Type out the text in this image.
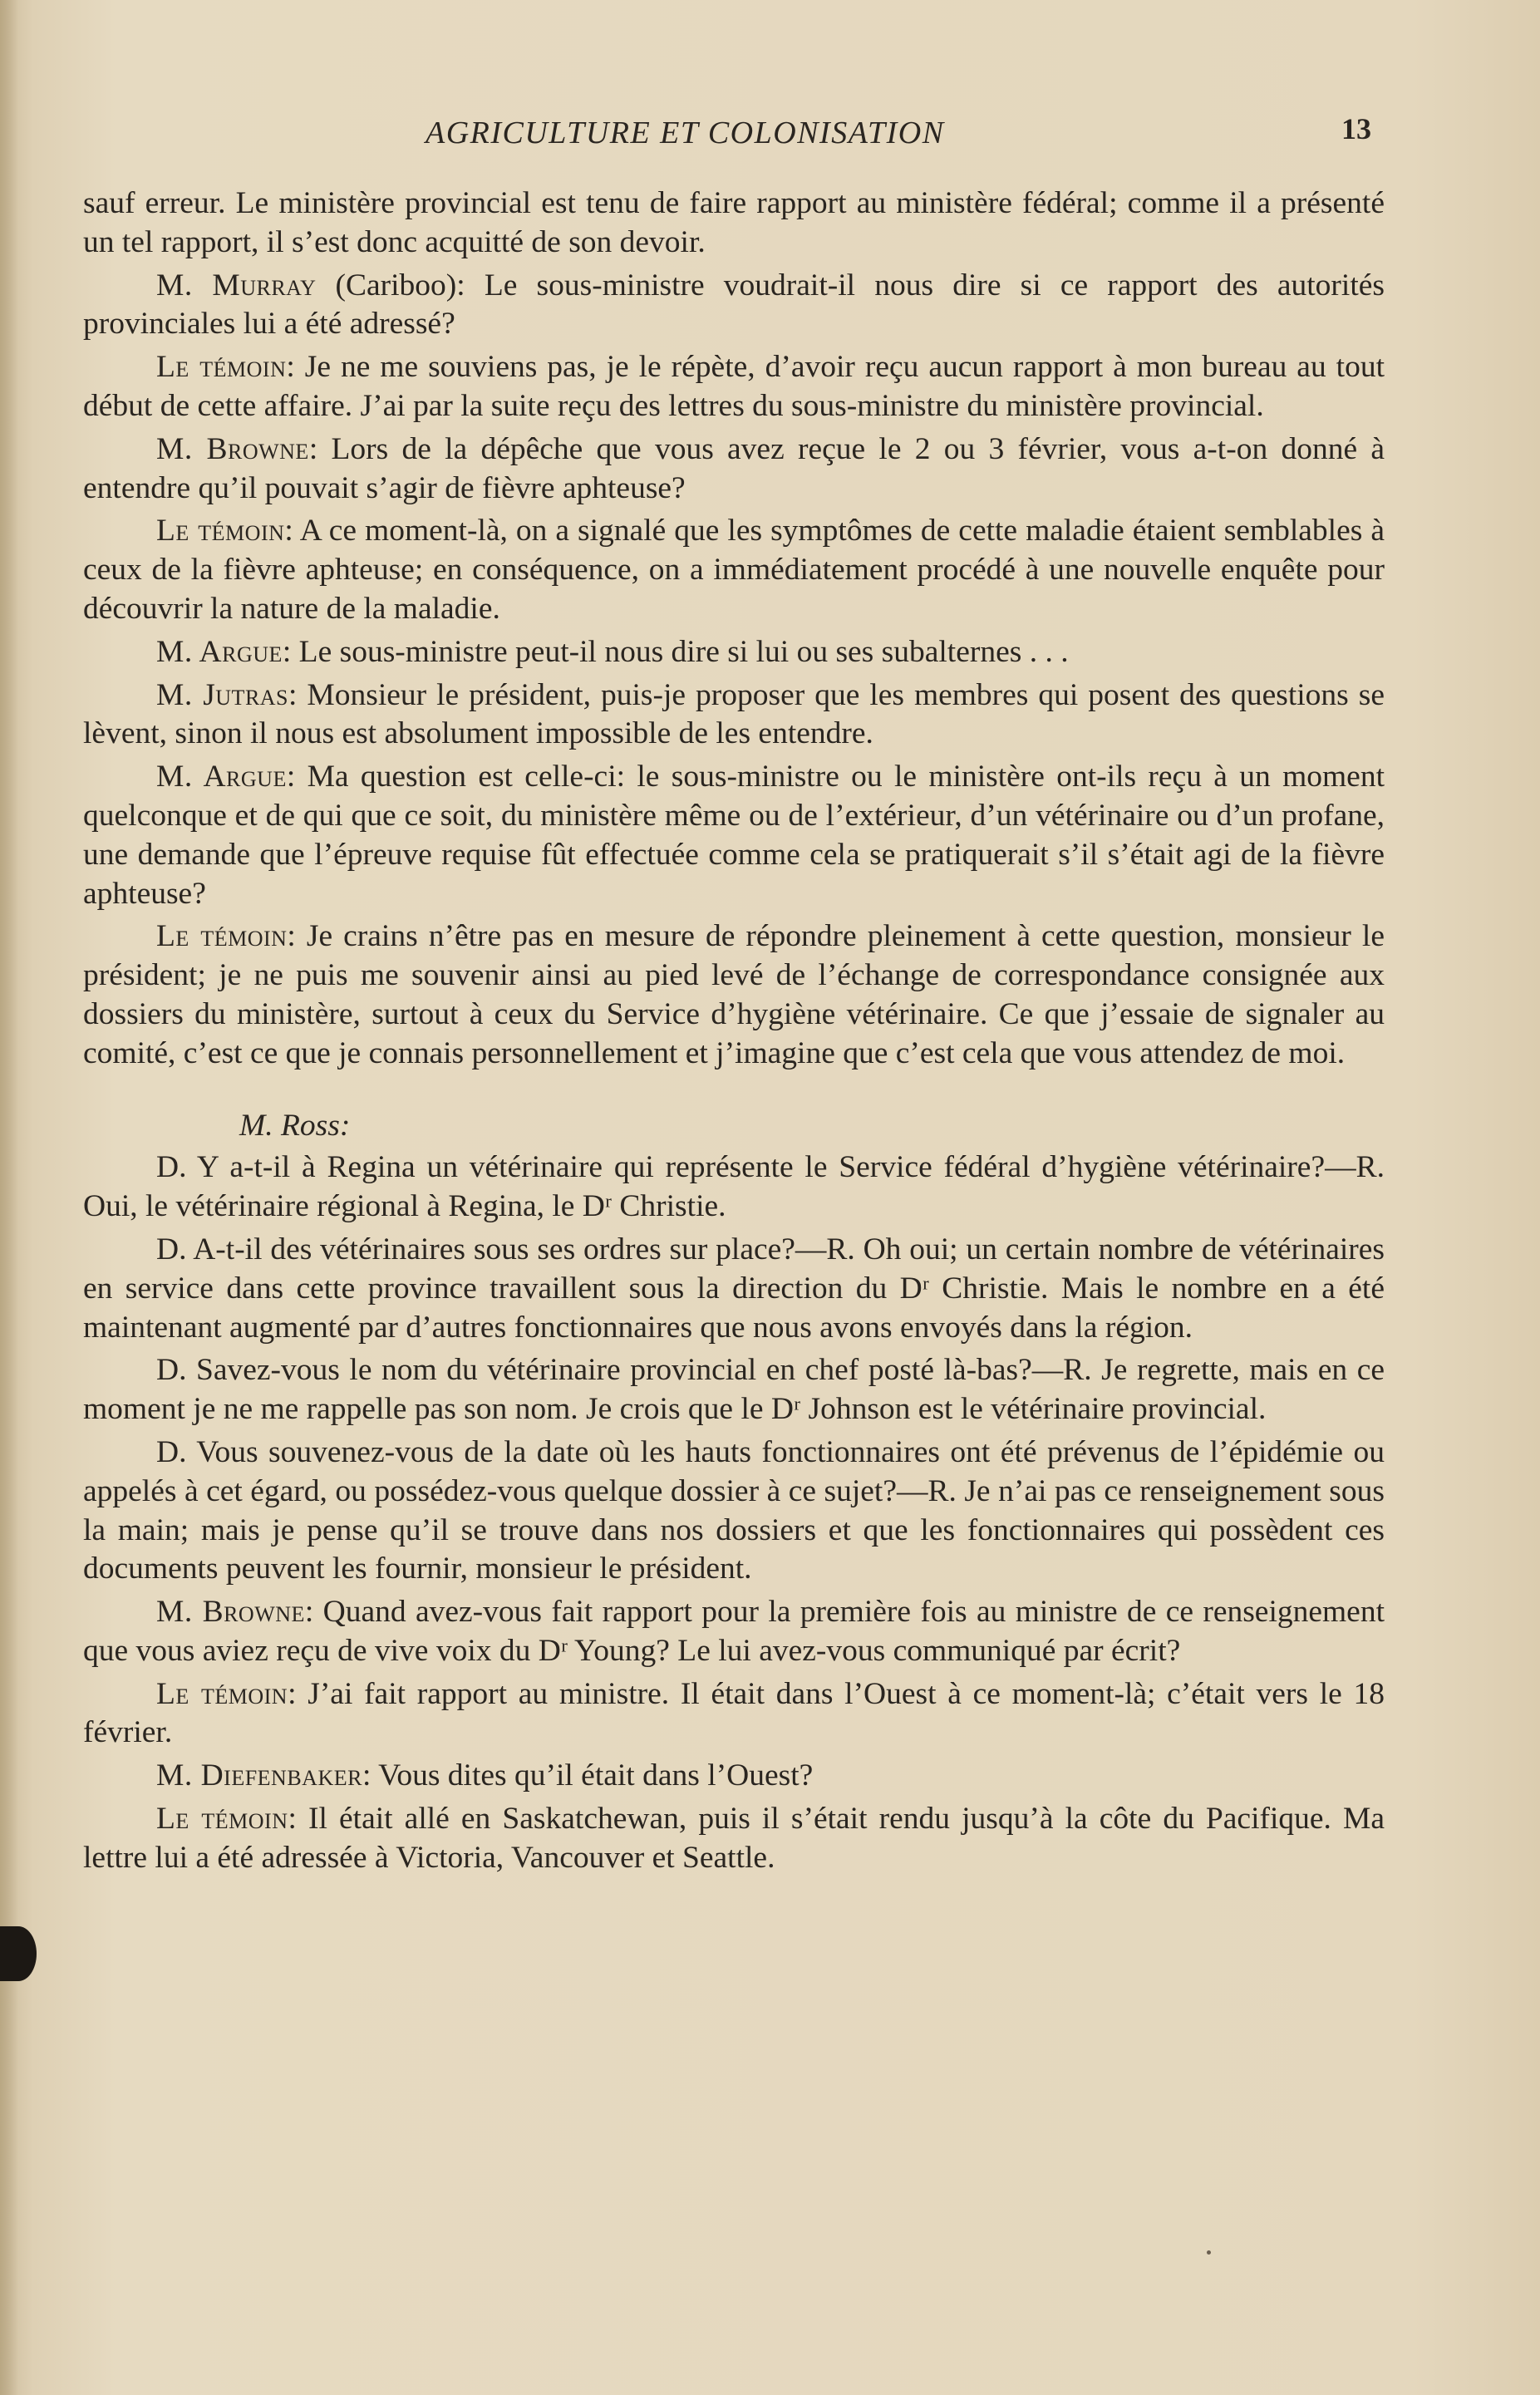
AGRICULTURE ET COLONISATION	13

sauf erreur. Le ministère provincial est tenu de faire rapport au ministère fédéral; comme il a présenté un tel rapport, il s’est donc acquitté de son devoir.

M. Murray (Cariboo): Le sous-ministre voudrait-il nous dire si ce rapport des autorités provinciales lui a été adressé?

Le témoin: Je ne me souviens pas, je le répète, d’avoir reçu aucun rapport à mon bureau au tout début de cette affaire. J’ai par la suite reçu des lettres du sous-ministre du ministère provincial.

M. Browne: Lors de la dépêche que vous avez reçue le 2 ou 3 février, vous a-t-on donné à entendre qu’il pouvait s’agir de fièvre aphteuse?

Le témoin: A ce moment-là, on a signalé que les symptômes de cette maladie étaient semblables à ceux de la fièvre aphteuse; en conséquence, on a immédiatement procédé à une nouvelle enquête pour découvrir la nature de la maladie.

M. Argue: Le sous-ministre peut-il nous dire si lui ou ses subalternes . . .

M. Jutras: Monsieur le président, puis-je proposer que les membres qui posent des questions se lèvent, sinon il nous est absolument impossible de les entendre.

M. Argue: Ma question est celle-ci: le sous-ministre ou le ministère ont-ils reçu à un moment quelconque et de qui que ce soit, du ministère même ou de l’extérieur, d’un vétérinaire ou d’un profane, une demande que l’épreuve requise fût effectuée comme cela se pratiquerait s’il s’était agi de la fièvre aphteuse?

Le témoin: Je crains n’être pas en mesure de répondre pleinement à cette question, monsieur le président; je ne puis me souvenir ainsi au pied levé de l’échange de correspondance consignée aux dossiers du ministère, surtout à ceux du Service d’hygiène vétérinaire. Ce que j’essaie de signaler au comité, c’est ce que je connais personnellement et j’imagine que c’est cela que vous attendez de moi.

M. Ross:

D. Y a-t-il à Regina un vétérinaire qui représente le Service fédéral d’hygiène vétérinaire?—R. Oui, le vétérinaire régional à Regina, le Dʳ Christie.

D. A-t-il des vétérinaires sous ses ordres sur place?—R. Oh oui; un certain nombre de vétérinaires en service dans cette province travaillent sous la direction du Dʳ Christie. Mais le nombre en a été maintenant augmenté par d’autres fonctionnaires que nous avons envoyés dans la région.

D. Savez-vous le nom du vétérinaire provincial en chef posté là-bas?—R. Je regrette, mais en ce moment je ne me rappelle pas son nom. Je crois que le Dʳ Johnson est le vétérinaire provincial.

D. Vous souvenez-vous de la date où les hauts fonctionnaires ont été prévenus de l’épidémie ou appelés à cet égard, ou possédez-vous quelque dossier à ce sujet?—R. Je n’ai pas ce renseignement sous la main; mais je pense qu’il se trouve dans nos dossiers et que les fonctionnaires qui possèdent ces documents peuvent les fournir, monsieur le président.

M. Browne: Quand avez-vous fait rapport pour la première fois au ministre de ce renseignement que vous aviez reçu de vive voix du Dʳ Young? Le lui avez-vous communiqué par écrit?

Le témoin: J’ai fait rapport au ministre. Il était dans l’Ouest à ce moment-là; c’était vers le 18 février.

M. Diefenbaker: Vous dites qu’il était dans l’Ouest?

Le témoin: Il était allé en Saskatchewan, puis il s’était rendu jusqu’à la côte du Pacifique. Ma lettre lui a été adressée à Victoria, Vancouver et Seattle.
